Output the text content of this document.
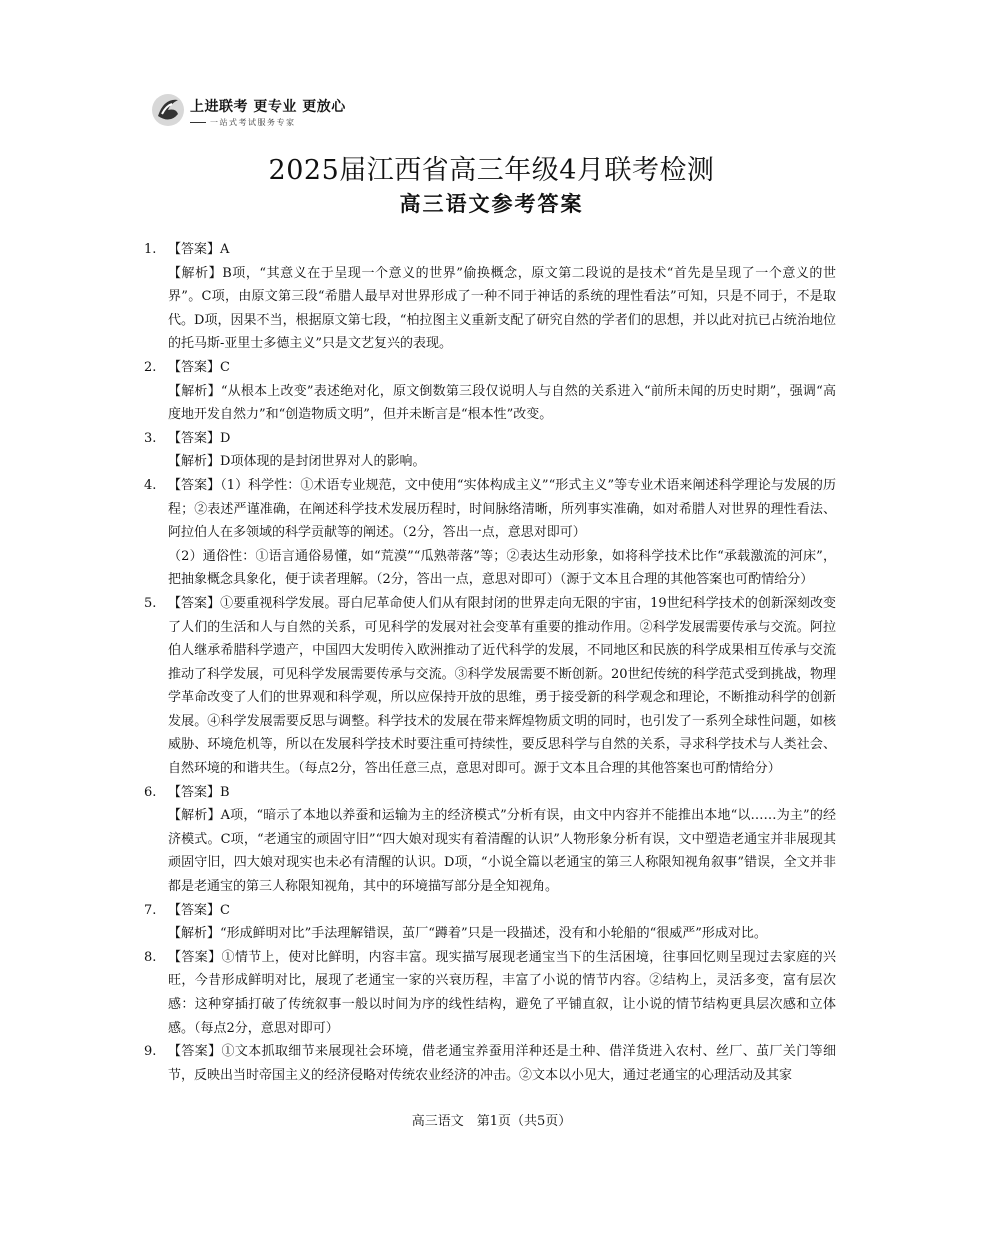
上进联考 更专业 更放心
一站式考试服务专家
2025届江西省高三年级4月联考检测
高三语文参考答案
1. 【答案】A
【解析】B项，“其意义在于呈现一个意义的世界”偷换概念，原文第二段说的是技术“首先是呈现了一个意义的世界”。C项，由原文第三段“希腊人最早对世界形成了一种不同于神话的系统的理性看法”可知，只是不同于，不是取代。D项，因果不当，根据原文第七段，“柏拉图主义重新支配了研究自然的学者们的思想，并以此对抗已占统治地位的托马斯-亚里士多德主义”只是文艺复兴的表现。
2. 【答案】C
【解析】“从根本上改变”表述绝对化，原文倒数第三段仅说明人与自然的关系进入“前所未闻的历史时期”，强调“高度地开发自然力”和“创造物质文明”，但并未断言是“根本性”改变。
3. 【答案】D
【解析】D项体现的是封闭世界对人的影响。
4. 【答案】（1）科学性：①术语专业规范，文中使用“实体构成主义”“形式主义”等专业术语来阐述科学理论与发展的历程；②表述严谨准确，在阐述科学技术发展历程时，时间脉络清晰，所列事实准确，如对希腊人对世界的理性看法、阿拉伯人在多领域的科学贡献等的阐述。（2分，答出一点，意思对即可）
（2）通俗性：①语言通俗易懂，如“荒漠”“瓜熟蒂落”等；②表达生动形象，如将科学技术比作“承载激流的河床”，把抽象概念具象化，便于读者理解。（2分，答出一点，意思对即可）（源于文本且合理的其他答案也可酌情给分）
5. 【答案】①要重视科学发展。哥白尼革命使人们从有限封闭的世界走向无限的宇宙，19世纪科学技术的创新深刻改变了人们的生活和人与自然的关系，可见科学的发展对社会变革有重要的推动作用。②科学发展需要传承与交流。阿拉伯人继承希腊科学遗产，中国四大发明传入欧洲推动了近代科学的发展，不同地区和民族的科学成果相互传承与交流推动了科学发展，可见科学发展需要传承与交流。③科学发展需要不断创新。20世纪传统的科学范式受到挑战，物理学革命改变了人们的世界观和科学观，所以应保持开放的思维，勇于接受新的科学观念和理论，不断推动科学的创新发展。④科学发展需要反思与调整。科学技术的发展在带来辉煌物质文明的同时，也引发了一系列全球性问题，如核威胁、环境危机等，所以在发展科学技术时要注重可持续性，要反思科学与自然的关系，寻求科学技术与人类社会、自然环境的和谐共生。（每点2分，答出任意三点，意思对即可。源于文本且合理的其他答案也可酌情给分）
6. 【答案】B
【解析】A项，“暗示了本地以养蚕和运输为主的经济模式”分析有误，由文中内容并不能推出本地“以……为主”的经济模式。C项，“老通宝的顽固守旧”“四大娘对现实有着清醒的认识”人物形象分析有误，文中塑造老通宝并非展现其顽固守旧，四大娘对现实也未必有清醒的认识。D项，“小说全篇以老通宝的第三人称限知视角叙事”错误，全文并非都是老通宝的第三人称限知视角，其中的环境描写部分是全知视角。
7. 【答案】C
【解析】“形成鲜明对比”手法理解错误，茧厂“蹲着”只是一段描述，没有和小轮船的“很威严”形成对比。
8. 【答案】①情节上，使对比鲜明，内容丰富。现实描写展现老通宝当下的生活困境，往事回忆则呈现过去家庭的兴旺，今昔形成鲜明对比，展现了老通宝一家的兴衰历程，丰富了小说的情节内容。②结构上，灵活多变，富有层次感：这种穿插打破了传统叙事一般以时间为序的线性结构，避免了平铺直叙，让小说的情节结构更具层次感和立体感。（每点2分，意思对即可）
9. 【答案】①文本抓取细节来展现社会环境，借老通宝养蚕用洋种还是土种、借洋货进入农村、丝厂、茧厂关门等细节，反映出当时帝国主义的经济侵略对传统农业经济的冲击。②文本以小见大，通过老通宝的心理活动及其家
高三语文　第1页（共5页）
